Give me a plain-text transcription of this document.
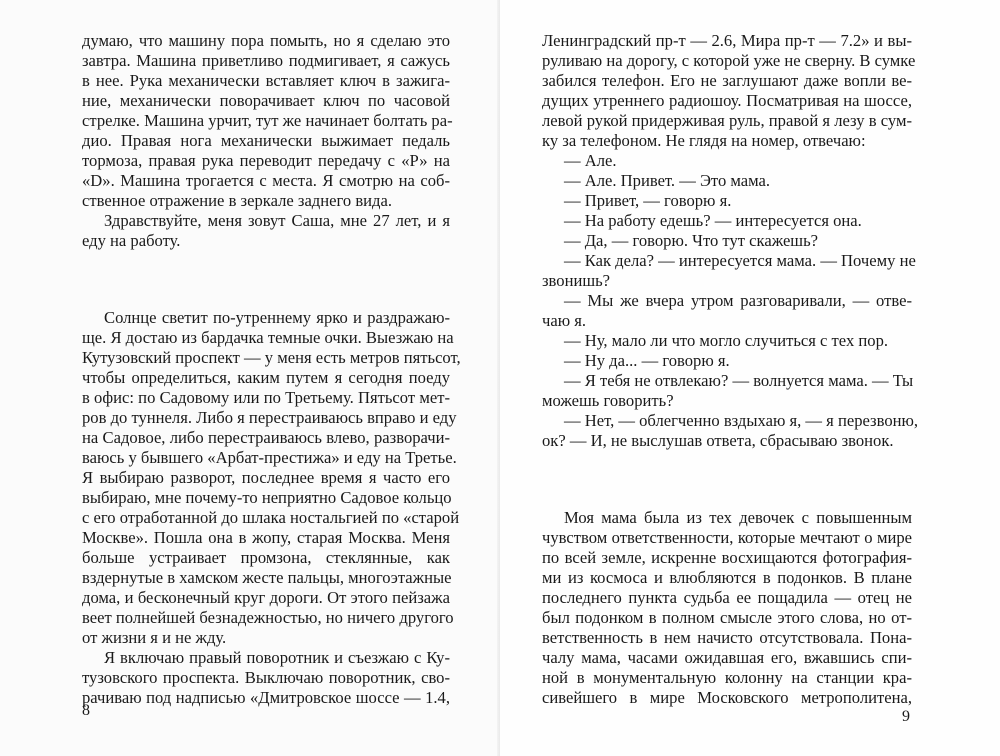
думаю, что машину пора помыть, но я сделаю это
завтра. Машина приветливо подмигивает, я сажусь
в нее. Рука механически вставляет ключ в зажига-
ние, механически поворачивает ключ по часовой
стрелке. Машина урчит, тут же начинает болтать ра-
дио. Правая нога механически выжимает педаль
тормоза, правая рука переводит передачу с «Р» на
«D». Машина трогается с места. Я смотрю на соб-
ственное отражение в зеркале заднего вида.
Здравствуйте, меня зовут Саша, мне 27 лет, и я
еду на работу.
Солнце светит по-утреннему ярко и раздражаю-
ще. Я достаю из бардачка темные очки. Выезжаю на
Кутузовский проспект — у меня есть метров пятьсот,
чтобы определиться, каким путем я сегодня поеду
в офис: по Садовому или по Третьему. Пятьсот мет-
ров до туннеля. Либо я перестраиваюсь вправо и еду
на Садовое, либо перестраиваюсь влево, разворачи-
ваюсь у бывшего «Арбат-престижа» и еду на Третье.
Я выбираю разворот, последнее время я часто его
выбираю, мне почему-то неприятно Садовое кольцо
с его отработанной до шлака ностальгией по «старой
Москве». Пошла она в жопу, старая Москва. Меня
больше устраивает промзона, стеклянные, как
вздернутые в хамском жесте пальцы, многоэтажные
дома, и бесконечный круг дороги. От этого пейзажа
веет полнейшей безнадежностью, но ничего другого
от жизни я и не жду.
Я включаю правый поворотник и съезжаю с Ку-
тузовского проспекта. Выключаю поворотник, сво-
рачиваю под надписью «Дмитровское шоссе — 1.4,
8
Ленинградский пр-т — 2.6, Мира пр-т — 7.2» и вы-
руливаю на дорогу, с которой уже не сверну. В сумке
забился телефон. Его не заглушают даже вопли ве-
дущих утреннего радиошоу. Посматривая на шоссе,
левой рукой придерживая руль, правой я лезу в сум-
ку за телефоном. Не глядя на номер, отвечаю:
— Але.
— Але. Привет. — Это мама.
— Привет, — говорю я.
— На работу едешь? — интересуется она.
— Да, — говорю. Что тут скажешь?
— Как дела? — интересуется мама. — Почему не
звонишь?
— Мы же вчера утром разговаривали, — отве-
чаю я.
— Ну, мало ли что могло случиться с тех пор.
— Ну да... — говорю я.
— Я тебя не отвлекаю? — волнуется мама. — Ты
можешь говорить?
— Нет, — облегченно вздыхаю я, — я перезвоню,
ок? — И, не выслушав ответа, сбрасываю звонок.
Моя мама была из тех девочек с повышенным
чувством ответственности, которые мечтают о мире
по всей земле, искренне восхищаются фотография-
ми из космоса и влюбляются в подонков. В плане
последнего пункта судьба ее пощадила — отец не
был подонком в полном смысле этого слова, но от-
ветственность в нем начисто отсутствовала. Пона-
чалу мама, часами ожидавшая его, вжавшись спи-
ной в монументальную колонну на станции кра-
сивейшего в мире Московского метрополитена,
9
